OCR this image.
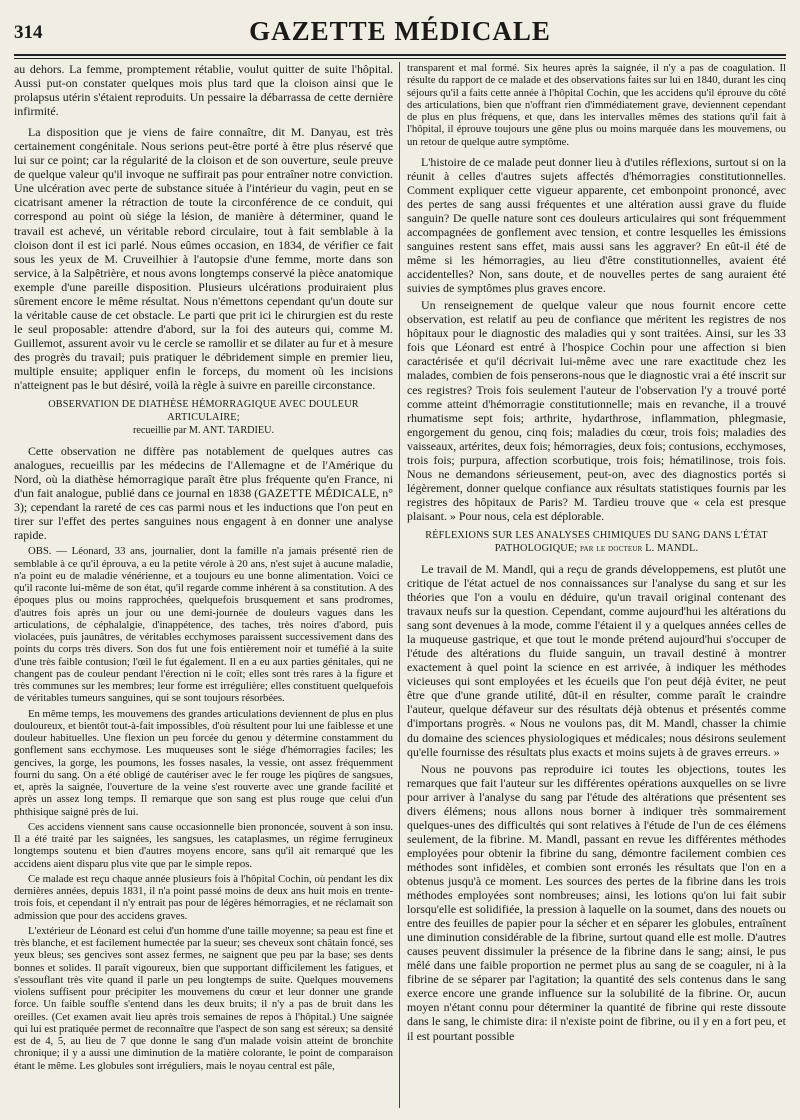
314	GAZETTE MÉDICALE

au dehors. La femme, promptement rétablie, voulut quitter de suite l'hôpital. Aussi put-on constater quelques mois plus tard que la cloison ainsi que le prolapsus utérin s'étaient reproduits. Un pessaire la débarrassa de cette dernière infirmité.

La disposition que je viens de faire connaître, dit M. Danyau, est très certainement congénitale. Nous serions peut-être porté à être plus réservé que lui sur ce point; car la régularité de la cloison et de son ouverture, seule preuve de quelque valeur qu'il invoque ne suffirait pas pour entraîner notre conviction. Une ulcération avec perte de substance située à l'intérieur du vagin, peut en se cicatrisant amener la rétraction de toute la circonférence de ce conduit, qui correspond au point où siége la lésion, de manière à déterminer, quand le travail est achevé, un véritable rebord circulaire, tout à fait semblable à la cloison dont il est ici parlé. Nous eûmes occasion, en 1834, de vérifier ce fait sous les yeux de M. Cruveilhier à l'autopsie d'une femme, morte dans son service, à la Salpêtrière, et nous avons longtemps conservé la pièce anatomique exemple d'une pareille disposition. Plusieurs ulcérations produiraient plus sûrement encore le même résultat. Nous n'émettons cependant qu'un doute sur la véritable cause de cet obstacle. Le parti que prit ici le chirurgien est du reste le seul proposable: attendre d'abord, sur la foi des auteurs qui, comme M. Guillemot, assurent avoir vu le cercle se ramollir et se dilater au fur et à mesure des progrès du travail; puis pratiquer le débridement simple en premier lieu, multiple ensuite; appliquer enfin le forceps, du moment où les incisions n'atteignent pas le but désiré, voilà la règle à suivre en pareille circonstance.

OBSERVATION DE DIATHÈSE HÉMORRAGIQUE AVEC DOULEUR ARTICULAIRE;
recueillie par M. ANT. TARDIEU.

Cette observation ne diffère pas notablement de quelques autres cas analogues, recueillis par les médecins de l'Allemagne et de l'Amérique du Nord, où la diathèse hémorragique paraît être plus fréquente qu'en France, ni d'un fait analogue, publié dans ce journal en 1838 (GAZETTE MÉDICALE, n° 3); cependant la rareté de ces cas parmi nous et les inductions que l'on peut en tirer sur l'effet des pertes sanguines nous engagent à en donner une analyse rapide.

OBS. — Léonard, 33 ans, journalier, dont la famille n'a jamais présenté rien de semblable à ce qu'il éprouva, a eu la petite vérole à 20 ans, n'est sujet à aucune maladie, n'a point eu de maladie vénérienne, et a toujours eu une bonne alimentation. Voici ce qu'il raconte lui-même de son état, qu'il regarde comme inhérent à sa constitution. A des époques plus ou moins rapprochées, quelquefois brusquement et sans prodromes, d'autres fois après un jour ou une demi-journée de douleurs vagues dans les articulations, de céphalalgie, d'inappétence, des taches, très noires d'abord, puis violacées, puis jaunâtres, de véritables ecchymoses paraissent successivement dans des points du corps très divers. Son dos fut une fois entièrement noir et tuméfié à la suite d'une très faible contusion; l'œil le fut également. Il en a eu aux parties génitales, qui ne changent pas de couleur pendant l'érection ni le coït; elles sont très rares à la figure et très communes sur les membres; leur forme est irrégulière; elles constituent quelquefois de véritables tumeurs sanguines, qui se sont toujours résorbées.

En même temps, les mouvemens des grandes articulations deviennent de plus en plus douloureux, et bientôt tout-à-fait impossibles, d'où résultent pour lui une faiblesse et une douleur habituelles. Une flexion un peu forcée du genou y détermine constamment du gonflement sans ecchymose. Les muqueuses sont le siége d'hémorragies faciles; les gencives, la gorge, les poumons, les fosses nasales, la vessie, ont assez fréquemment fourni du sang. On a été obligé de cautériser avec le fer rouge les piqûres de sangsues, et, après la saignée, l'ouverture de la veine s'est rouverte avec une grande facilité et après un assez long temps. Il remarque que son sang est plus rouge que celui d'un phthisique saigné près de lui.

Ces accidens viennent sans cause occasionnelle bien prononcée, souvent à son insu. Il a été traité par les saignées, les sangsues, les cataplasmes, un régime ferrugineux longtemps soutenu et bien d'autres moyens encore, sans qu'il ait remarqué que les accidens aient disparu plus vite que par le simple repos.

Ce malade est reçu chaque année plusieurs fois à l'hôpital Cochin, où pendant les dix dernières années, depuis 1831, il n'a point passé moins de deux ans huit mois en trente-trois fois, et cependant il n'y entrait pas pour de légères hémorragies, et ne réclamait son admission que pour des accidens graves.

L'extérieur de Léonard est celui d'un homme d'une taille moyenne; sa peau est fine et très blanche, et est facilement humectée par la sueur; ses cheveux sont châtain foncé, ses yeux bleus; ses gencives sont assez fermes, ne saignent que peu par la base; ses dents bonnes et solides. Il paraît vigoureux, bien que supportant difficilement les fatigues, et s'essouflant très vite quand il parle un peu longtemps de suite. Quelques mouvemens violens suffisent pour précipiter les mouvemens du cœur et leur donner une grande force. Un faible souffle s'entend dans les deux bruits; il n'y a pas de bruit dans les oreilles. (Cet examen avait lieu après trois semaines de repos à l'hôpital.) Une saignée qui lui est pratiquée permet de reconnaître que l'aspect de son sang est séreux; sa densité est de 4, 5, au lieu de 7 que donne le sang d'un malade voisin atteint de bronchite chronique; il y a aussi une diminution de la matière colorante, le point de comparaison étant le même. Les globules sont irréguliers, mais le noyau central est pâle,

transparent et mal formé. Six heures après la saignée, il n'y a pas de coagulation. Il résulte du rapport de ce malade et des observations faites sur lui en 1840, durant les cinq séjours qu'il a faits cette année à l'hôpital Cochin, que les accidens qu'il éprouve du côté des articulations, bien que n'offrant rien d'immédiatement grave, deviennent cependant de plus en plus fréquens, et que, dans les intervalles mêmes des stations qu'il fait à l'hôpital, il éprouve toujours une gêne plus ou moins marquée dans les mouvemens, ou un retour de quelque autre symptôme.

L'histoire de ce malade peut donner lieu à d'utiles réflexions, surtout si on la réunit à celles d'autres sujets affectés d'hémorragies constitutionnelles. Comment expliquer cette vigueur apparente, cet embonpoint prononcé, avec des pertes de sang aussi fréquentes et une altération aussi grave du fluide sanguin? De quelle nature sont ces douleurs articulaires qui sont fréquemment accompagnées de gonflement avec tension, et contre lesquelles les émissions sanguines restent sans effet, mais aussi sans les aggraver? En eût-il été de même si les hémorragies, au lieu d'être constitutionnelles, avaient été accidentelles? Non, sans doute, et de nouvelles pertes de sang auraient été suivies de symptômes plus graves encore.

Un renseignement de quelque valeur que nous fournit encore cette observation, est relatif au peu de confiance que méritent les registres de nos hôpitaux pour le diagnostic des maladies qui y sont traitées. Ainsi, sur les 33 fois que Léonard est entré à l'hospice Cochin pour une affection si bien caractérisée et qu'il décrivait lui-même avec une rare exactitude chez les malades, combien de fois penserons-nous que le diagnostic vrai a été inscrit sur ces registres? Trois fois seulement l'auteur de l'observation l'y a trouvé porté comme atteint d'hémorragie constitutionnelle; mais en revanche, il a trouvé rhumatisme sept fois; arthrite, hydarthrose, inflammation, phlegmasie, engorgement du genou, cinq fois; maladies du cœur, trois fois; maladies des vaisseaux, artérites, deux fois; hémorragies, deux fois; contusions, ecchymoses, trois fois; purpura, affection scorbutique, trois fois; hématilinose, trois fois. Nous ne demandons sérieusement, peut-on, avec des diagnostics portés si légèrement, donner quelque confiance aux résultats statistiques fournis par les registres des hôpitaux de Paris? M. Tardieu trouve que « cela est presque plaisant. » Pour nous, cela est déplorable.

RÉFLEXIONS SUR LES ANALYSES CHIMIQUES DU SANG DANS L'ÉTAT PATHOLOGIQUE; par le docteur L. MANDL.

Le travail de M. Mandl, qui a reçu de grands développemens, est plutôt une critique de l'état actuel de nos connaissances sur l'analyse du sang et sur les théories que l'on a voulu en déduire, qu'un travail original contenant des travaux neufs sur la question. Cependant, comme aujourd'hui les altérations du sang sont devenues à la mode, comme l'étaient il y a quelques années celles de la muqueuse gastrique, et que tout le monde prétend aujourd'hui s'occuper de l'étude des altérations du fluide sanguin, un travail destiné à montrer exactement à quel point la science en est arrivée, à indiquer les méthodes vicieuses qui sont employées et les écueils que l'on peut déjà éviter, ne peut être que d'une grande utilité, dût-il en résulter, comme paraît le craindre l'auteur, quelque défaveur sur des résultats déjà obtenus et présentés comme d'importans progrès. « Nous ne voulons pas, dit M. Mandl, chasser la chimie du domaine des sciences physiologiques et médicales; nous désirons seulement qu'elle fournisse des résultats plus exacts et moins sujets à de graves erreurs. »

Nous ne pouvons pas reproduire ici toutes les objections, toutes les remarques que fait l'auteur sur les différentes opérations auxquelles on se livre pour arriver à l'analyse du sang par l'étude des altérations que présentent ses divers élémens; nous allons nous borner à indiquer très sommairement quelques-unes des difficultés qui sont relatives à l'étude de l'un de ces élémens seulement, de la fibrine. M. Mandl, passant en revue les différentes méthodes employées pour obtenir la fibrine du sang, démontre facilement combien ces méthodes sont infidèles, et combien sont erronés les résultats que l'on en a obtenus jusqu'à ce moment. Les sources des pertes de la fibrine dans les trois méthodes employées sont nombreuses; ainsi, les lotions qu'on lui fait subir lorsqu'elle est solidifiée, la pression à laquelle on la soumet, dans des nouets ou entre des feuilles de papier pour la sécher et en séparer les globules, entraînent une diminution considérable de la fibrine, surtout quand elle est molle. D'autres causes peuvent dissimuler la présence de la fibrine dans le sang; ainsi, le pus mêlé dans une faible proportion ne permet plus au sang de se coaguler, ni à la fibrine de se séparer par l'agitation; la quantité des sels contenus dans le sang exerce encore une grande influence sur la solubilité de la fibrine. Or, aucun moyen n'étant connu pour déterminer la quantité de fibrine qui reste dissoute dans le sang, le chimiste dira: il n'existe point de fibrine, ou il y en a fort peu, et il est pourtant possible
